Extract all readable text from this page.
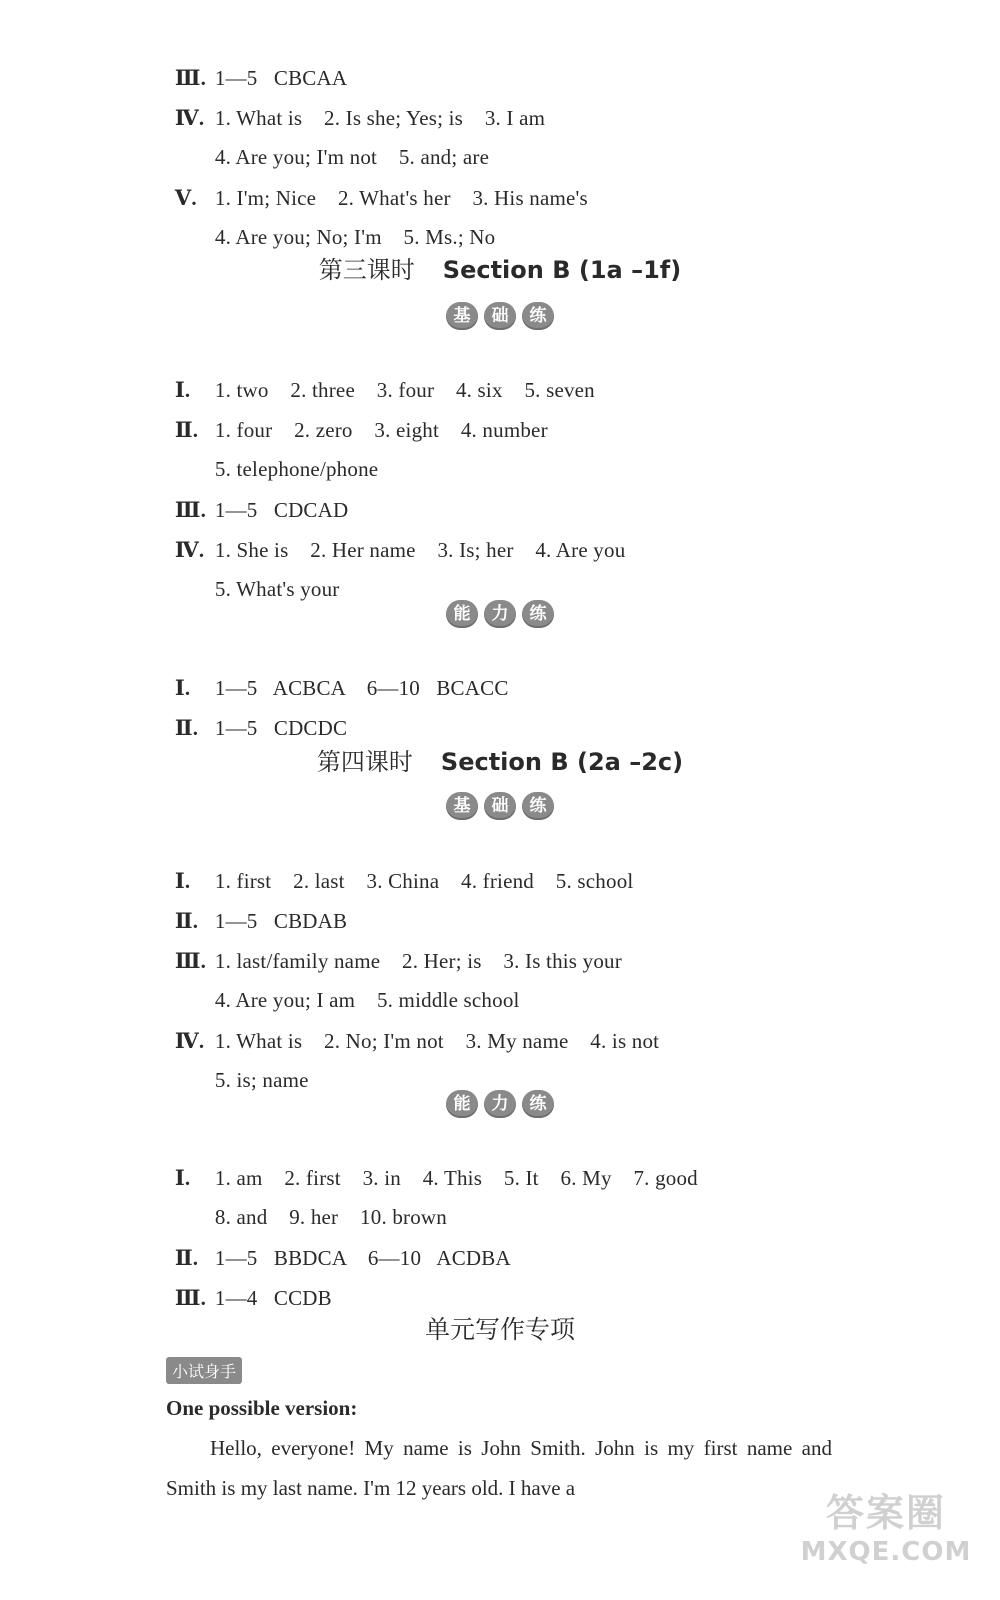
Ⅲ. 1—5   CBCAA

Ⅳ. 1. What is    2. Is she; Yes; is    3. I am

4. Are you; I'm not    5. and; are

Ⅴ. 1. I'm; Nice    2. What's her    3. His name's

4. Are you; No; I'm    5. Ms.; No

第三课时 Section B (1a –1f)
基	础	练

Ⅰ. 1. two    2. three    3. four    4. six    5. seven

Ⅱ. 1. four    2. zero    3. eight    4. number

5. telephone/phone

Ⅲ. 1—5   CDCAD

Ⅳ. 1. She is    2. Her name    3. Is; her    4. Are you

5. What's your

能	力	练

Ⅰ. 1—5   ACBCA    6—10   BCACC

Ⅱ. 1—5   CDCDC

第四课时 Section B (2a –2c)
基	础	练

Ⅰ. 1. first    2. last    3. China    4. friend    5. school

Ⅱ. 1—5   CBDAB

Ⅲ. 1. last/family name    2. Her; is    3. Is this your

4. Are you; I am    5. middle school

Ⅳ. 1. What is    2. No; I'm not    3. My name    4. is not

5. is; name

能	力	练

Ⅰ. 1. am    2. first    3. in    4. This    5. It    6. My    7. good

8. and    9. her    10. brown

Ⅱ. 1—5   BBDCA    6—10   ACDBA

Ⅲ. 1—4   CCDB

单元写作专项
小试身手
One possible version:
Hello, everyone! My name is John Smith. John is my first name and Smith is my last name. I'm 12 years old. I have a
答案圈
MXQE.COM
